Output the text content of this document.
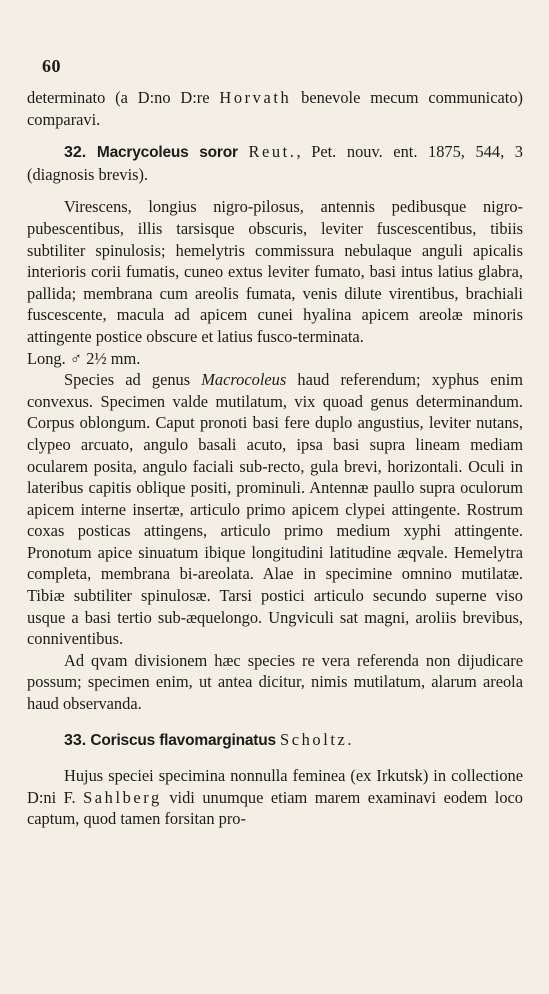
60

determinato (a D:no D:re Horvath benevole mecum communicato) comparavi.

32. Macrycoleus soror Reut., Pet. nouv. ent. 1875, 544, 3 (diagnosis brevis).

Virescens, longius nigro-pilosus, antennis pedibusque nigro-pubescentibus, illis tarsisque obscuris, leviter fuscescentibus, tibiis subtiliter spinulosis; hemelytris commissura nebulaque anguli apicalis interioris corii fumatis, cuneo extus leviter fumato, basi intus latius glabra, pallida; membrana cum areolis fumata, venis dilute virentibus, brachiali fuscescente, macula ad apicem cunei hyalina apicem areolæ minoris attingente postice obscure et latius fusco-terminata.

Long. ♂ 2½ mm.

Species ad genus Macrocoleus haud referendum; xyphus enim convexus. Specimen valde mutilatum, vix quoad genus determinandum. Corpus oblongum. Caput pronoti basi fere duplo angustius, leviter nutans, clypeo arcuato, angulo basali acuto, ipsa basi supra lineam mediam ocularem posita, angulo faciali sub-recto, gula brevi, horizontali. Oculi in lateribus capitis oblique positi, prominuli. Antennæ paullo supra oculorum apicem interne insertæ, articulo primo apicem clypei attingente. Rostrum coxas posticas attingens, articulo primo medium xyphi attingente. Pronotum apice sinuatum ibique longitudini latitudine æqvale. Hemelytra completa, membrana bi-areolata. Alae in specimine omnino mutilatæ. Tibiæ subtiliter spinulosæ. Tarsi postici articulo secundo superne viso usque a basi tertio sub-æquelongo. Ungviculi sat magni, aroliis brevibus, conniventibus.

Ad qvam divisionem hæc species re vera referenda non dijudicare possum; specimen enim, ut antea dicitur, nimis mutilatum, alarum areola haud observanda.

33. Coriscus flavomarginatus Scholtz.

Hujus speciei specimina nonnulla feminea (ex Irkutsk) in collectione D:ni F. Sahlberg vidi unumque etiam marem examinavi eodem loco captum, quod tamen forsitan pro-
